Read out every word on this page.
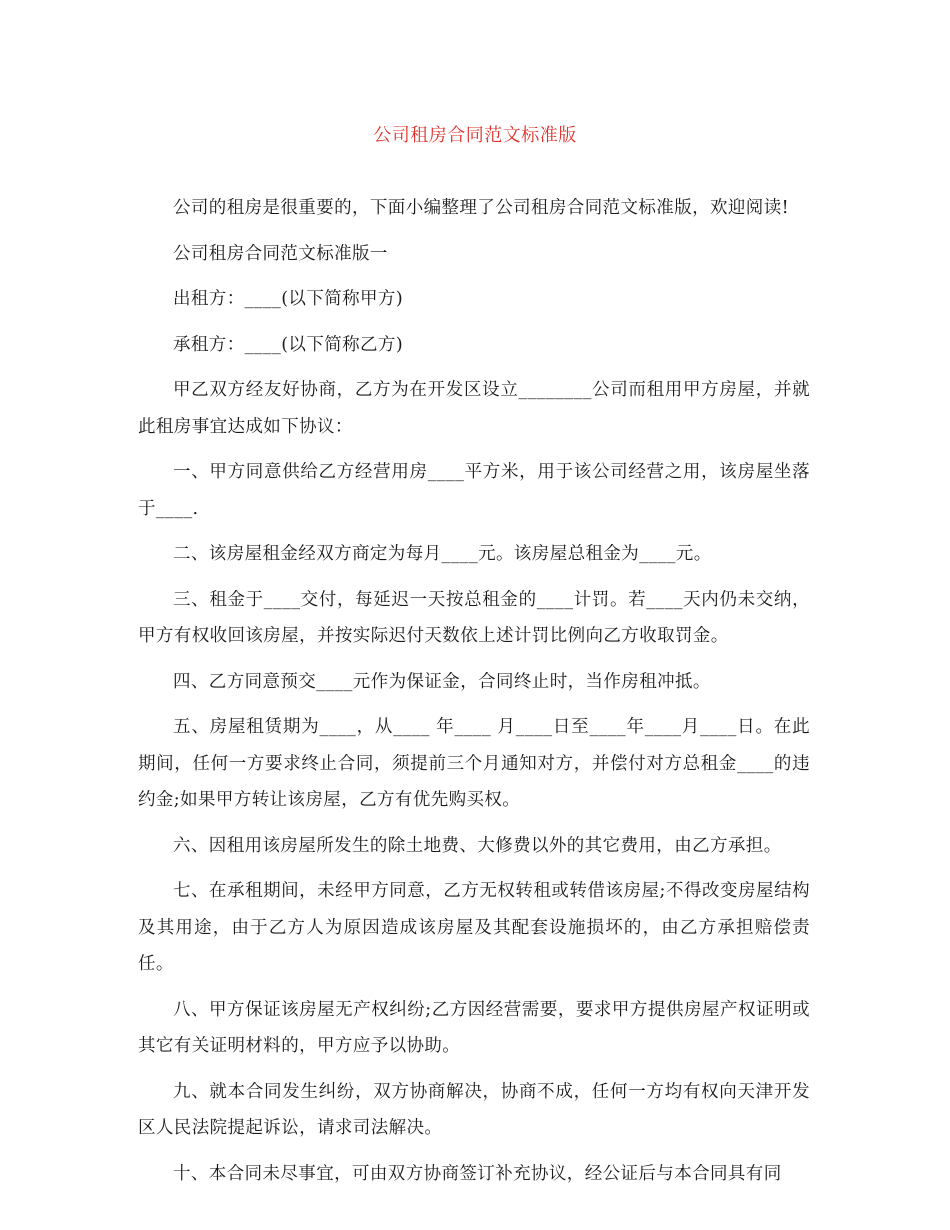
公司租房合同范文标准版

公司的租房是很重要的，下面小编整理了公司租房合同范文标准版，欢迎阅读!

公司租房合同范文标准版一

出租方：____(以下简称甲方)

承租方：____(以下简称乙方)

甲乙双方经友好协商，乙方为在开发区设立________公司而租用甲方房屋，并就此租房事宜达成如下协议：

一、甲方同意供给乙方经营用房____平方米，用于该公司经营之用，该房屋坐落于____.

二、该房屋租金经双方商定为每月____元。该房屋总租金为____元。

三、租金于____交付，每延迟一天按总租金的____计罚。若____天内仍未交纳，甲方有权收回该房屋，并按实际迟付天数依上述计罚比例向乙方收取罚金。

四、乙方同意预交____元作为保证金，合同终止时，当作房租冲抵。

五、房屋租赁期为____，从____ 年____ 月____日至____年____月____日。在此期间，任何一方要求终止合同，须提前三个月通知对方，并偿付对方总租金____的违约金;如果甲方转让该房屋，乙方有优先购买权。

六、因租用该房屋所发生的除土地费、大修费以外的其它费用，由乙方承担。

七、在承租期间，未经甲方同意，乙方无权转租或转借该房屋;不得改变房屋结构及其用途，由于乙方人为原因造成该房屋及其配套设施损坏的，由乙方承担赔偿责任。

八、甲方保证该房屋无产权纠纷;乙方因经营需要，要求甲方提供房屋产权证明或其它有关证明材料的，甲方应予以协助。

九、就本合同发生纠纷，双方协商解决，协商不成，任何一方均有权向天津开发区人民法院提起诉讼，请求司法解决。

十、本合同未尽事宜，可由双方协商签订补充协议，经公证后与本合同具有同
